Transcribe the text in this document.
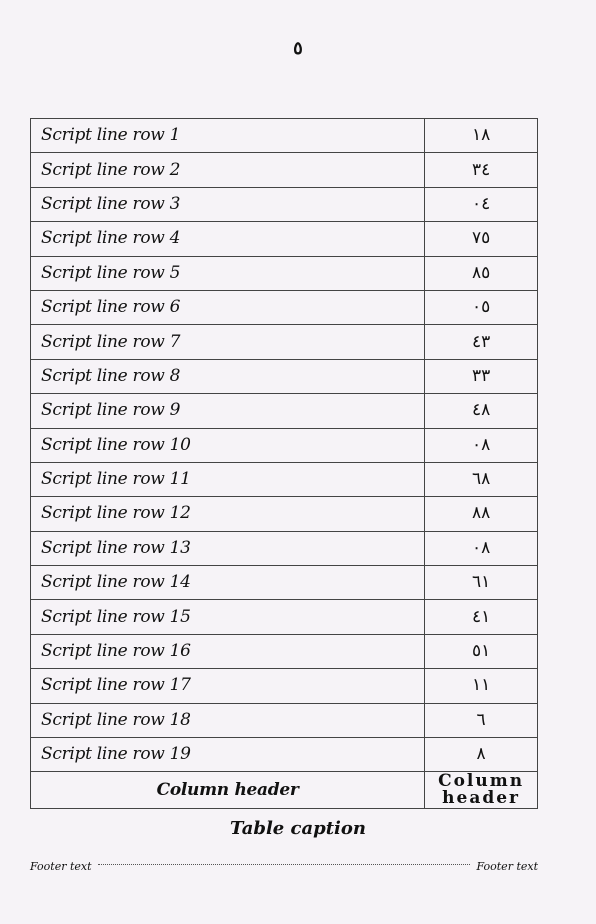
٥
Script line row 1	١٨
Script line row 2	٣٤
Script line row 3	٠٤
Script line row 4	٧٥
Script line row 5	٨٥
Script line row 6	٠٥
Script line row 7	٤٣
Script line row 8	٣٣
Script line row 9	٤٨
Script line row 10	٠٨
Script line row 11	٦٨
Script line row 12	٨٨
Script line row 13	٠٨
Script line row 14	٦١
Script line row 15	٤١
Script line row 16	٥١
Script line row 17	١١
Script line row 18	٦
Script line row 19	٨
Column header	Column header
Table caption
Footer text	Footer text
